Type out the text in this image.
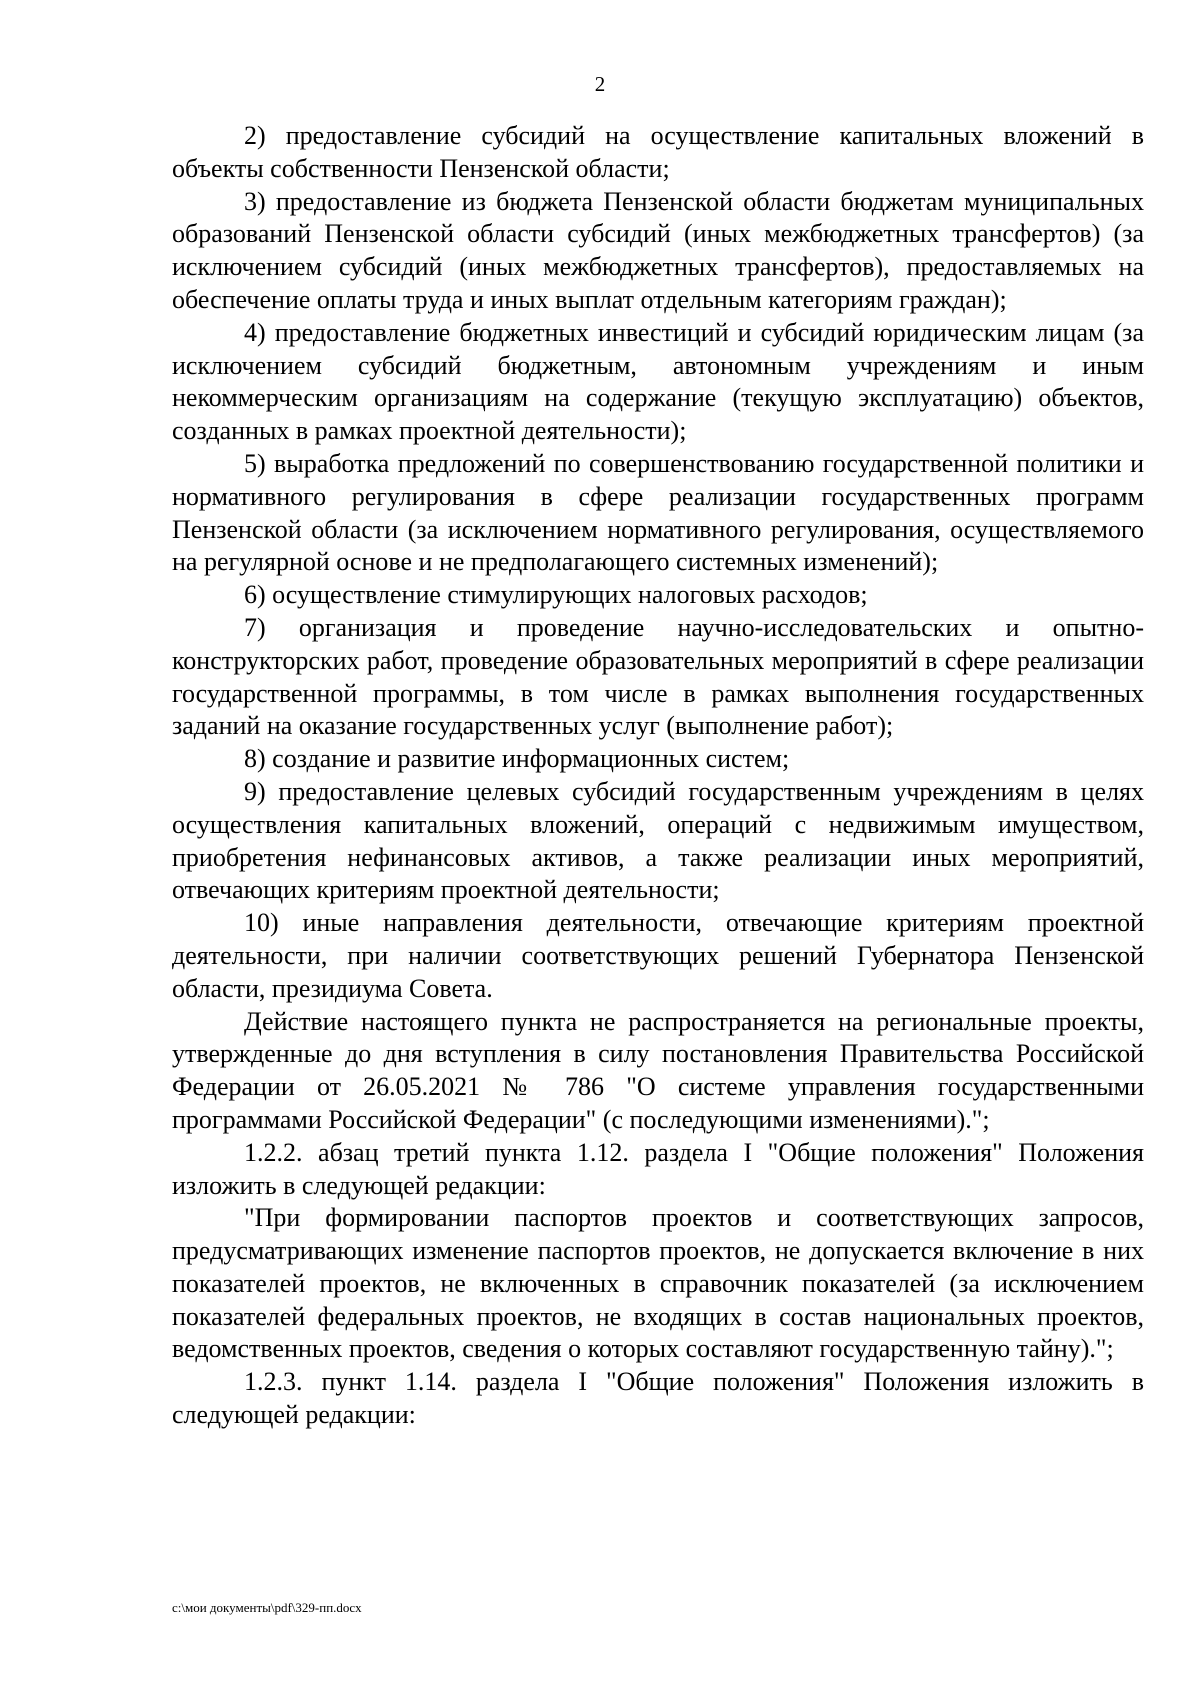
2

2) предоставление субсидий на осуществление капитальных вложений в объекты собственности Пензенской области;

3) предоставление из бюджета Пензенской области бюджетам муниципальных образований Пензенской области субсидий (иных межбюджетных трансфертов) (за исключением субсидий (иных межбюджетных трансфертов), предоставляемых на обеспечение оплаты труда и иных выплат отдельным категориям граждан);

4) предоставление бюджетных инвестиций и субсидий юридическим лицам (за исключением субсидий бюджетным, автономным учреждениям и иным некоммерческим организациям на содержание (текущую эксплуатацию) объектов, созданных в рамках проектной деятельности);

5) выработка предложений по совершенствованию государственной политики и нормативного регулирования в сфере реализации государственных программ Пензенской области (за исключением нормативного регулирования, осуществляемого на регулярной основе и не предполагающего системных изменений);

6) осуществление стимулирующих налоговых расходов;

7) организация и проведение научно-исследовательских и опытно-конструкторских работ, проведение образовательных мероприятий в сфере реализации государственной программы, в том числе в рамках выполнения государственных заданий на оказание государственных услуг (выполнение работ);

8) создание и развитие информационных систем;

9) предоставление целевых субсидий государственным учреждениям в целях осуществления капитальных вложений, операций с недвижимым имуществом, приобретения нефинансовых активов, а также реализации иных мероприятий, отвечающих критериям проектной деятельности;

10) иные направления деятельности, отвечающие критериям проектной деятельности, при наличии соответствующих решений Губернатора Пензенской области, президиума Совета.

Действие настоящего пункта не распространяется на региональные проекты, утвержденные до дня вступления в силу постановления Правительства Российской Федерации от 26.05.2021 № 786 "О системе управления государственными программами Российской Федерации" (с последующими изменениями).";

1.2.2. абзац третий пункта 1.12. раздела I "Общие положения" Положения изложить в следующей редакции:

"При формировании паспортов проектов и соответствующих запросов, предусматривающих изменение паспортов проектов, не допускается включение в них показателей проектов, не включенных в справочник показателей (за исключением показателей федеральных проектов, не входящих в состав национальных проектов, ведомственных проектов, сведения о которых составляют государственную тайну).";

1.2.3. пункт 1.14. раздела I "Общие положения" Положения изложить в следующей редакции:

c:\мои документы\pdf\329-пп.docx
